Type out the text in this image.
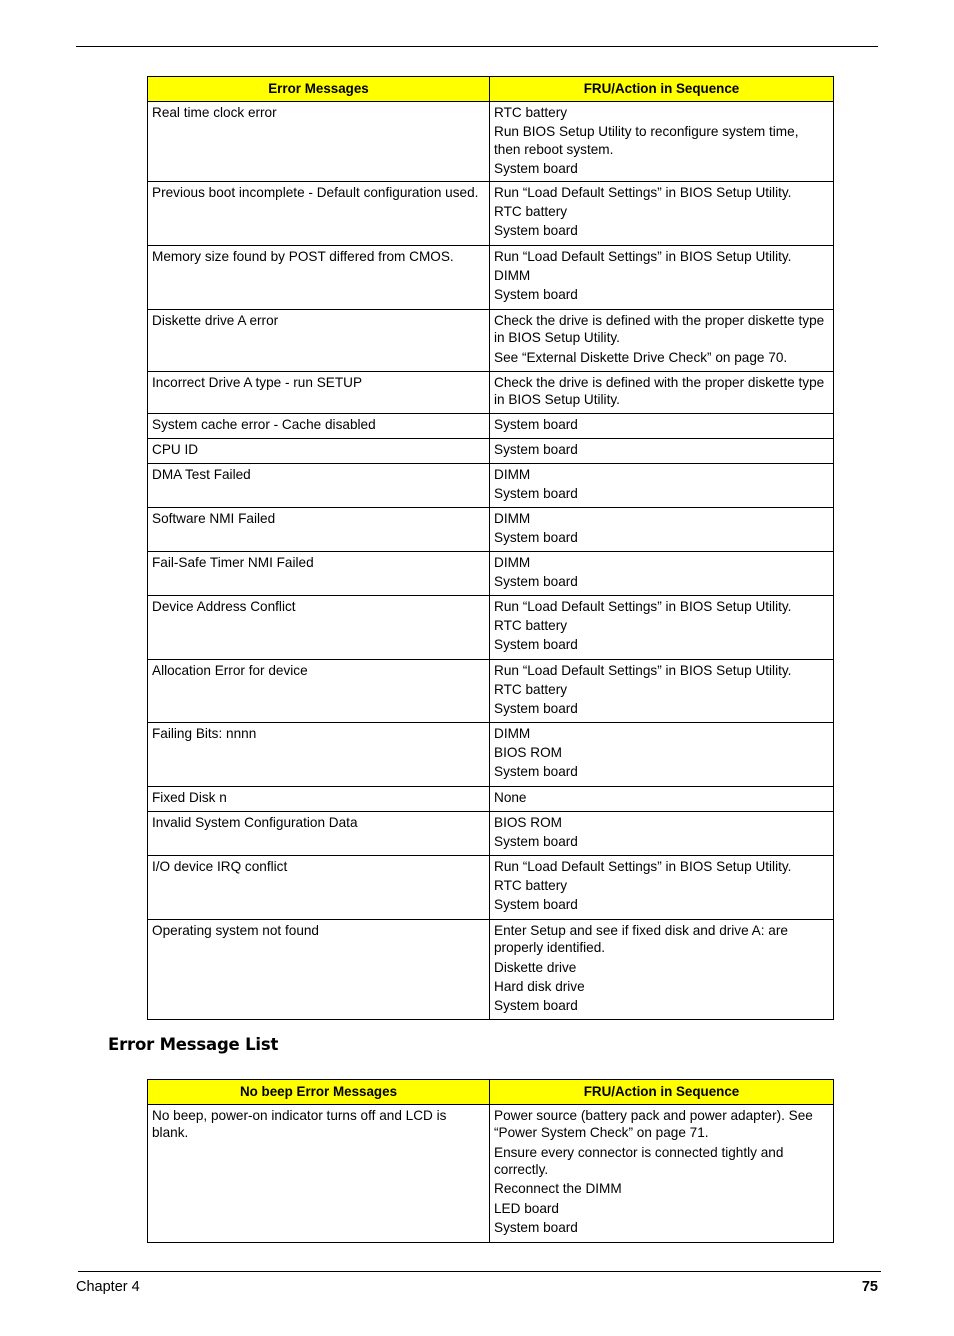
Error Messages	FRU/Action in Sequence

Real time clock error	RTC battery
Run BIOS Setup Utility to reconfigure system time, then reboot system.
System board

Previous boot incomplete - Default configuration used.	Run “Load Default Settings” in BIOS Setup Utility.
RTC battery
System board

Memory size found by POST differed from CMOS.	Run “Load Default Settings” in BIOS Setup Utility.
DIMM
System board

Diskette drive A error	Check the drive is defined with the proper diskette type in BIOS Setup Utility.
See “External Diskette Drive Check” on page 70.

Incorrect Drive A type - run SETUP	Check the drive is defined with the proper diskette type in BIOS Setup Utility.

System cache error - Cache disabled	System board

CPU ID	System board

DMA Test Failed	DIMM
System board

Software NMI Failed	DIMM
System board

Fail-Safe Timer NMI Failed	DIMM
System board

Device Address Conflict	Run “Load Default Settings” in BIOS Setup Utility.
RTC battery
System board

Allocation Error for device	Run “Load Default Settings” in BIOS Setup Utility.
RTC battery
System board

Failing Bits: nnnn	DIMM
BIOS ROM
System board

Fixed Disk n	None

Invalid System Configuration Data	BIOS ROM
System board

I/O device IRQ conflict	Run “Load Default Settings” in BIOS Setup Utility.
RTC battery
System board

Operating system not found	Enter Setup and see if fixed disk and drive A: are properly identified.
Diskette drive
Hard disk drive
System board
Error Message List
No beep Error Messages	FRU/Action in Sequence

No beep, power-on indicator turns off and LCD is blank.	Power source (battery pack and power adapter). See “Power System Check” on page 71.
Ensure every connector is connected tightly and correctly.
Reconnect the DIMM
LED board
System board
Chapter 4	75
